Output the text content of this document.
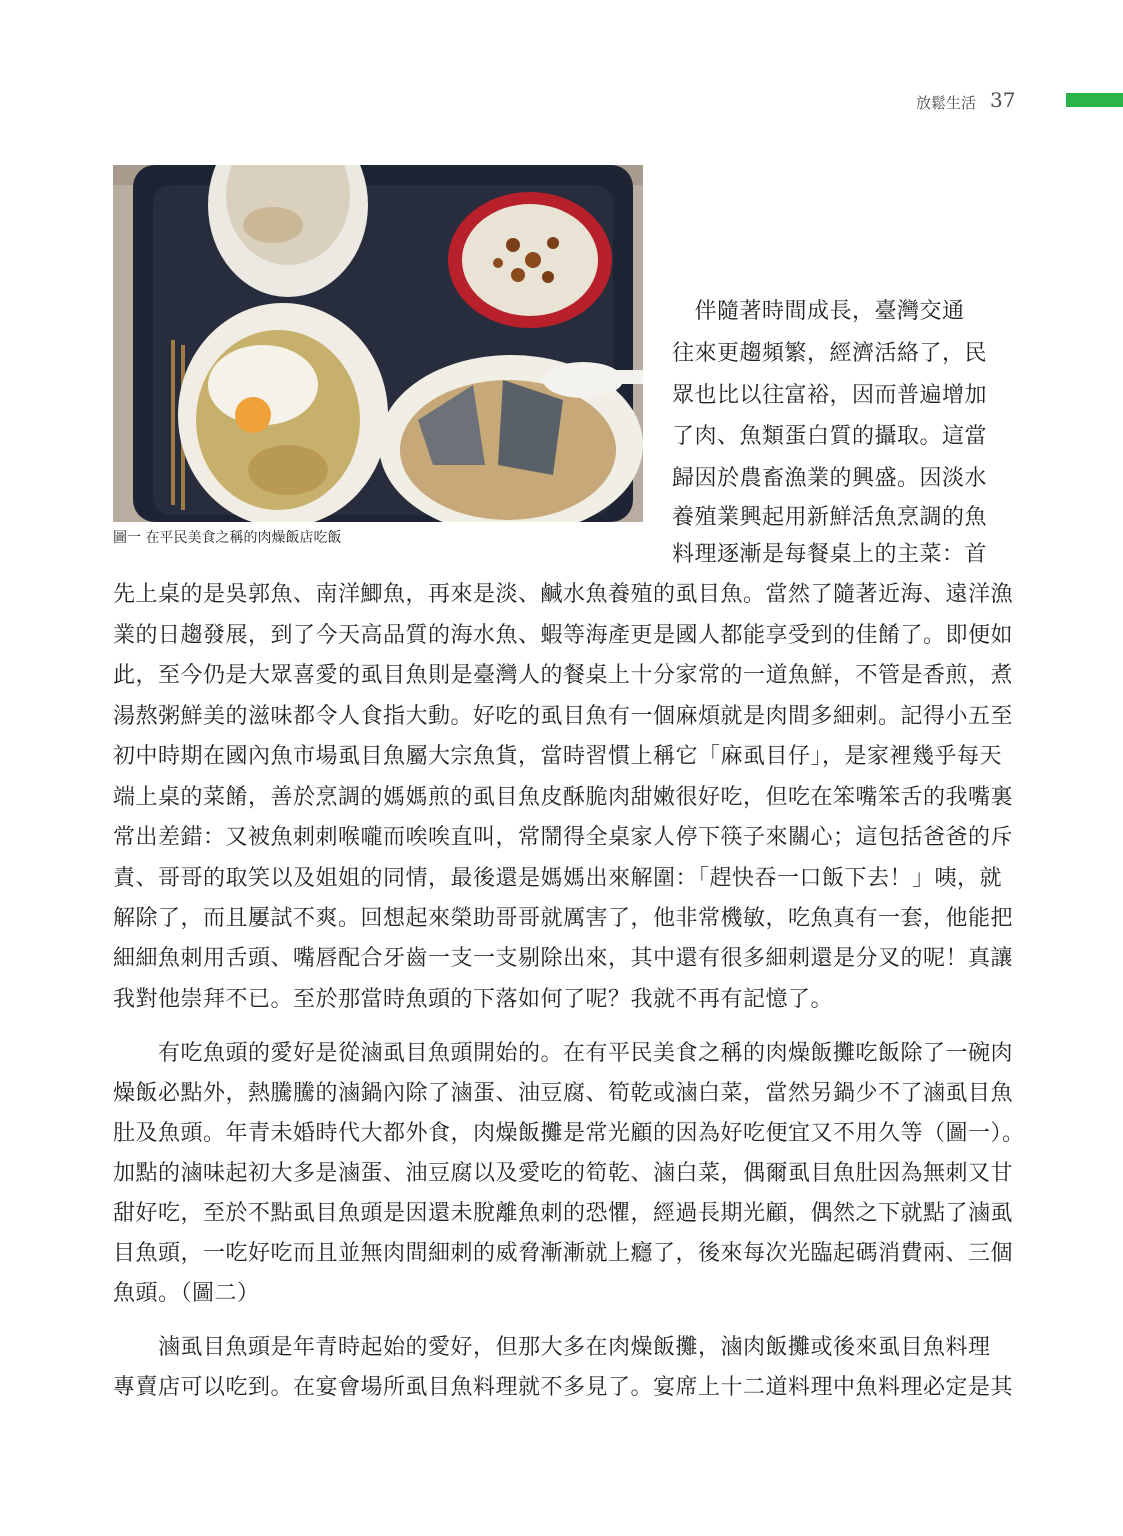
放鬆生活 37
圖一 在平民美食之稱的肉燥飯店吃飯
　伴隨著時間成長，臺灣交通
往來更趨頻繁，經濟活絡了，民
眾也比以往富裕，因而普遍增加
了肉、魚類蛋白質的攝取。這當
歸因於農畜漁業的興盛。因淡水
養殖業興起用新鮮活魚烹調的魚
料理逐漸是每餐桌上的主菜：首
先上桌的是吳郭魚、南洋鯽魚，再來是淡、鹹水魚養殖的虱目魚。當然了隨著近海、遠洋漁
業的日趨發展，到了今天高品質的海水魚、蝦等海產更是國人都能享受到的佳餚了。即便如
此，至今仍是大眾喜愛的虱目魚則是臺灣人的餐桌上十分家常的一道魚鮮，不管是香煎，煮
湯熬粥鮮美的滋味都令人食指大動。好吃的虱目魚有一個麻煩就是肉間多細刺。記得小五至
初中時期在國內魚市場虱目魚屬大宗魚貨，當時習慣上稱它「麻虱目仔」，是家裡幾乎每天
端上桌的菜餚，善於烹調的媽媽煎的虱目魚皮酥脆肉甜嫩很好吃，但吃在笨嘴笨舌的我嘴裏
常出差錯：又被魚刺刺喉嚨而唉唉直叫，常鬧得全桌家人停下筷子來關心；這包括爸爸的斥
責、哥哥的取笑以及姐姐的同情，最後還是媽媽出來解圍：「趕快吞一口飯下去！」咦，就
解除了，而且屢試不爽。回想起來榮助哥哥就厲害了，他非常機敏，吃魚真有一套，他能把
細細魚刺用舌頭、嘴唇配合牙齒一支一支剔除出來，其中還有很多細刺還是分叉的呢！真讓
我對他崇拜不已。至於那當時魚頭的下落如何了呢？我就不再有記憶了。
　　有吃魚頭的愛好是從滷虱目魚頭開始的。在有平民美食之稱的肉燥飯攤吃飯除了一碗肉
燥飯必點外，熱騰騰的滷鍋內除了滷蛋、油豆腐、筍乾或滷白菜，當然另鍋少不了滷虱目魚
肚及魚頭。年青未婚時代大都外食，肉燥飯攤是常光顧的因為好吃便宜又不用久等（圖一）。
加點的滷味起初大多是滷蛋、油豆腐以及愛吃的筍乾、滷白菜，偶爾虱目魚肚因為無刺又甘
甜好吃，至於不點虱目魚頭是因還未脫離魚刺的恐懼，經過長期光顧，偶然之下就點了滷虱
目魚頭，一吃好吃而且並無肉間細刺的威脅漸漸就上癮了，後來每次光臨起碼消費兩、三個
魚頭。（圖二）
　　滷虱目魚頭是年青時起始的愛好，但那大多在肉燥飯攤，滷肉飯攤或後來虱目魚料理
專賣店可以吃到。在宴會場所虱目魚料理就不多見了。宴席上十二道料理中魚料理必定是其
